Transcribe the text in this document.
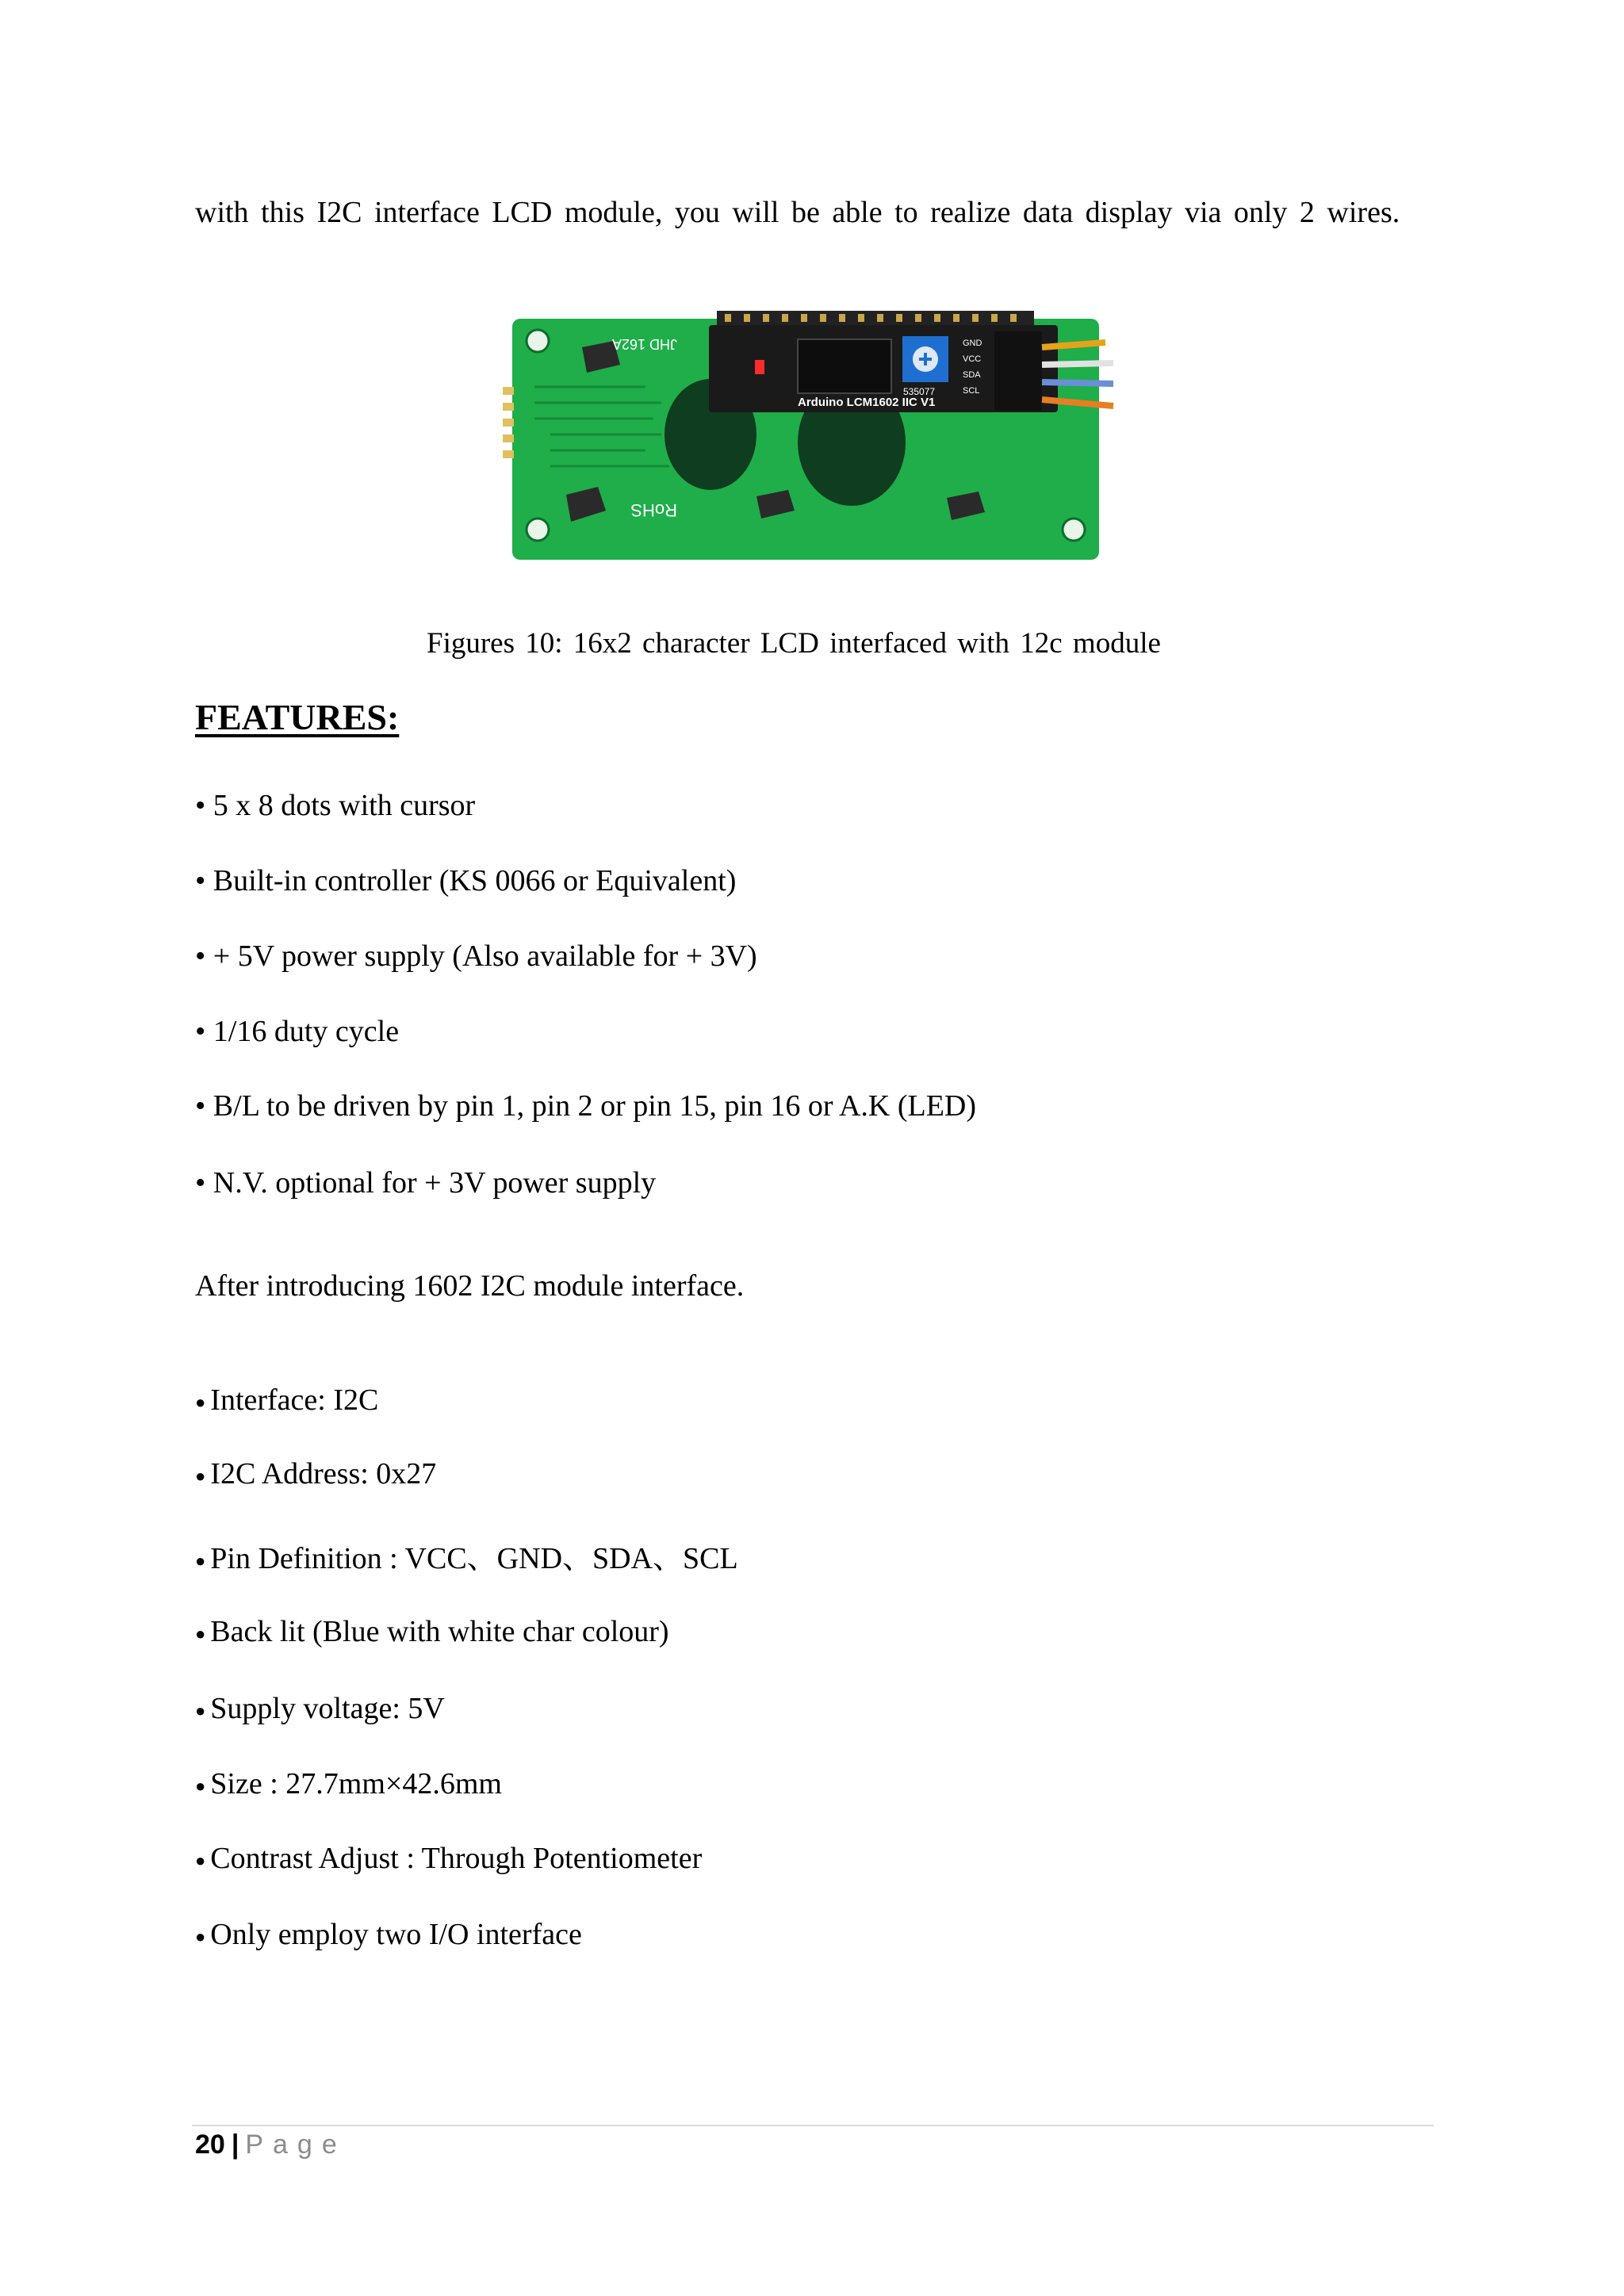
with this I2C interface LCD module, you will be able to realize data display via only 2 wires.
JHD 162A
Arduino LCM1602 IIC V1
535077
GND
VCC
SDA
SCL
RoHS
Figures 10: 16x2 character LCD interfaced with 12c module
FEATURES:
• 5 x 8 dots with cursor
• Built-in controller (KS 0066 or Equivalent)
• + 5V power supply (Also available for + 3V)
• 1/16 duty cycle
• B/L to be driven by pin 1, pin 2 or pin 15, pin 16 or A.K (LED)
• N.V. optional for + 3V power supply
After introducing 1602 I2C module interface.
● Interface: I2C
● I2C Address: 0x27
● Pin Definition : VCC、GND、SDA、SCL
● Back lit (Blue with white char colour)
● Supply voltage: 5V
● Size : 27.7mm×42.6mm
● Contrast Adjust : Through Potentiometer
● Only employ two I/O interface
20 | Page
